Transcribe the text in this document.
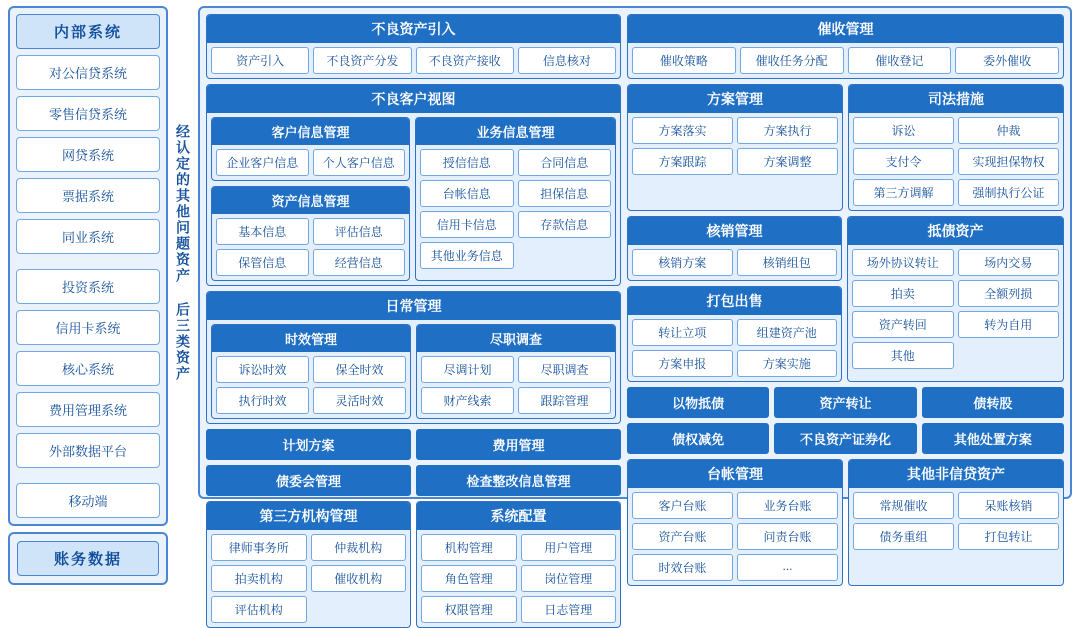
内部系统
对公信贷系统
零售信贷系统
网贷系统
票据系统
同业系统
投资系统
信用卡系统
核心系统
费用管理系统
外部数据平台
移动端
账务数据
经认定的其他问题资产 后三类资产
不良资产引入
资产引入	不良资产分发	不良资产接收	信息核对
不良客户视图
客户信息管理
企业客户信息	个人客户信息
资产信息管理
基本信息	评估信息
保管信息	经营信息
业务信息管理
授信信息	合同信息
台帐信息	担保信息
信用卡信息	存款信息
其他业务信息
日常管理
时效管理
诉讼时效	保全时效
执行时效	灵活时效
尽职调查
尽调计划	尽职调查
财产线索	跟踪管理
计划方案
债委会管理
费用管理
检查整改信息管理
第三方机构管理
律师事务所	仲裁机构
拍卖机构	催收机构
评估机构
系统配置
机构管理	用户管理
角色管理	岗位管理
权限管理	日志管理
催收管理
催收策略	催收任务分配	催收登记	委外催收
方案管理
方案落实	方案执行
方案跟踪	方案调整
司法措施
诉讼	仲裁
支付令	实现担保物权
第三方调解	强制执行公证
核销管理
核销方案	核销组包
打包出售
转让立项	组建资产池
方案申报	方案实施
抵债资产
场外协议转让	场内交易
拍卖	全额列损
资产转回	转为自用
其他
以物抵债
债权减免
资产转让
不良资产证券化
债转股
其他处置方案
台帐管理
客户台账	业务台账
资产台账	问责台账
时效台账	...
其他非信贷资产
常规催收	呆账核销
债务重组	打包转让
